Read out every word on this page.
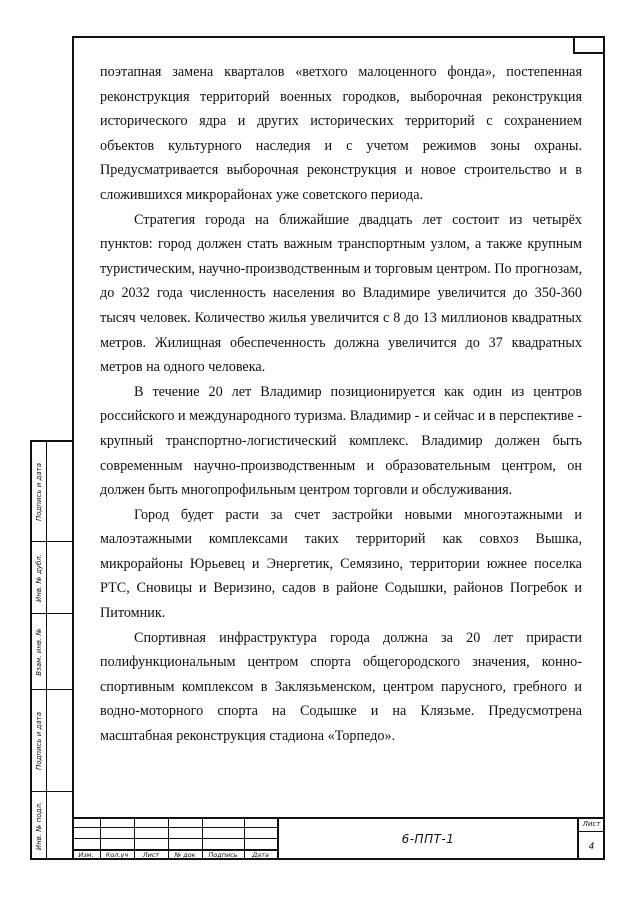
поэтапная замена кварталов «ветхого малоценного фонда», постепенная реконструкция территорий военных городков, выборочная реконструкция исторического ядра и других исторических территорий с сохранением объектов культурного наследия и с учетом режимов зоны охраны. Предусматривается выборочная реконструкция и новое строительство и в сложившихся микрорайонах уже советского периода.

Стратегия города на ближайшие двадцать лет состоит из четырёх пунктов: город должен стать важным транспортным узлом, а также крупным туристическим, научно-производственным и торговым центром. По прогнозам, до 2032 года численность населения во Владимире увеличится до 350-360 тысяч человек. Количество жилья увеличится с 8 до 13 миллионов квадратных метров. Жилищная обеспеченность должна увеличится до 37 квадратных метров на одного человека.

В течение 20 лет Владимир позиционируется как один из центров российского и международного туризма. Владимир - и сейчас и в перспективе - крупный транспортно-логистический комплекс. Владимир должен быть современным научно-производственным и образовательным центром, он должен быть многопрофильным центром торговли и обслуживания.

Город будет расти за счет застройки новыми многоэтажными и малоэтажными комплексами таких территорий как совхоз Вышка, микрорайоны Юрьевец и Энергетик, Семязино, территории южнее поселка РТС, Сновицы и Веризино, садов в районе Содышки, районов Погребок и Питомник.

Спортивная инфраструктура города должна за 20 лет прирасти полифункциональным центром спорта общегородского значения, конно-спортивным комплексом в Заклязьменском, центром парусного, гребного и водно-моторного спорта на Содышке и на Клязьме. Предусмотрена масштабная реконструкция стадиона «Торпедо».

Подпись и дата
Инв. № дубл.
Взам. инв. №
Подпись и дата
Инв. № подл.
Изм.	Кол.уч	Лист	№ док	Подпись	Дата
6-ППТ-1
Лист
4
